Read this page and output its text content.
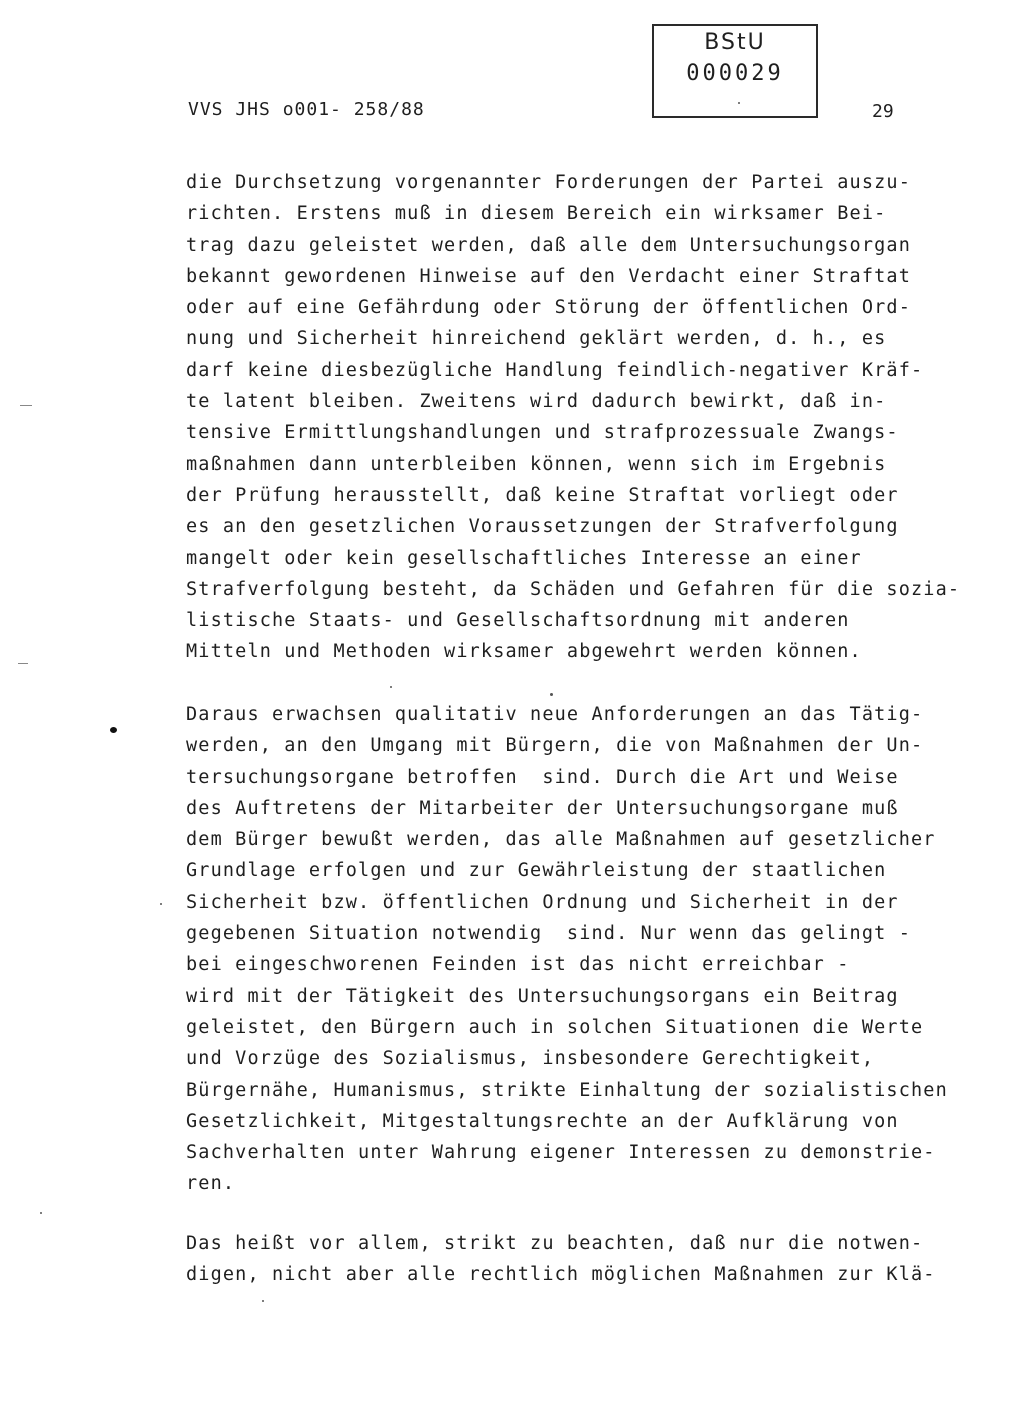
VVS JHS o001- 258/88
BStU
000029
29
die Durchsetzung vorgenannter Forderungen der Partei auszu-
richten. Erstens muß in diesem Bereich ein wirksamer Bei-
trag dazu geleistet werden, daß alle dem Untersuchungsorgan
bekannt gewordenen Hinweise auf den Verdacht einer Straftat
oder auf eine Gefährdung oder Störung der öffentlichen Ord-
nung und Sicherheit hinreichend geklärt werden, d. h., es
darf keine diesbezügliche Handlung feindlich-negativer Kräf-
te latent bleiben. Zweitens wird dadurch bewirkt, daß in-
tensive Ermittlungshandlungen und strafprozessuale Zwangs-
maßnahmen dann unterbleiben können, wenn sich im Ergebnis
der Prüfung herausstellt, daß keine Straftat vorliegt oder
es an den gesetzlichen Voraussetzungen der Strafverfolgung
mangelt oder kein gesellschaftliches Interesse an einer
Strafverfolgung besteht, da Schäden und Gefahren für die sozia-
listische Staats- und Gesellschaftsordnung mit anderen
Mitteln und Methoden wirksamer abgewehrt werden können.
Daraus erwachsen qualitativ neue Anforderungen an das Tätig-
werden, an den Umgang mit Bürgern, die von Maßnahmen der Un-
tersuchungsorgane betroffen  sind. Durch die Art und Weise
des Auftretens der Mitarbeiter der Untersuchungsorgane muß
dem Bürger bewußt werden, das alle Maßnahmen auf gesetzlicher
Grundlage erfolgen und zur Gewährleistung der staatlichen
Sicherheit bzw. öffentlichen Ordnung und Sicherheit in der
gegebenen Situation notwendig  sind. Nur wenn das gelingt -
bei eingeschworenen Feinden ist das nicht erreichbar -
wird mit der Tätigkeit des Untersuchungsorgans ein Beitrag
geleistet, den Bürgern auch in solchen Situationen die Werte
und Vorzüge des Sozialismus, insbesondere Gerechtigkeit,
Bürgernähe, Humanismus, strikte Einhaltung der sozialistischen
Gesetzlichkeit, Mitgestaltungsrechte an der Aufklärung von
Sachverhalten unter Wahrung eigener Interessen zu demonstrie-
ren.
Das heißt vor allem, strikt zu beachten, daß nur die notwen-
digen, nicht aber alle rechtlich möglichen Maßnahmen zur Klä-
